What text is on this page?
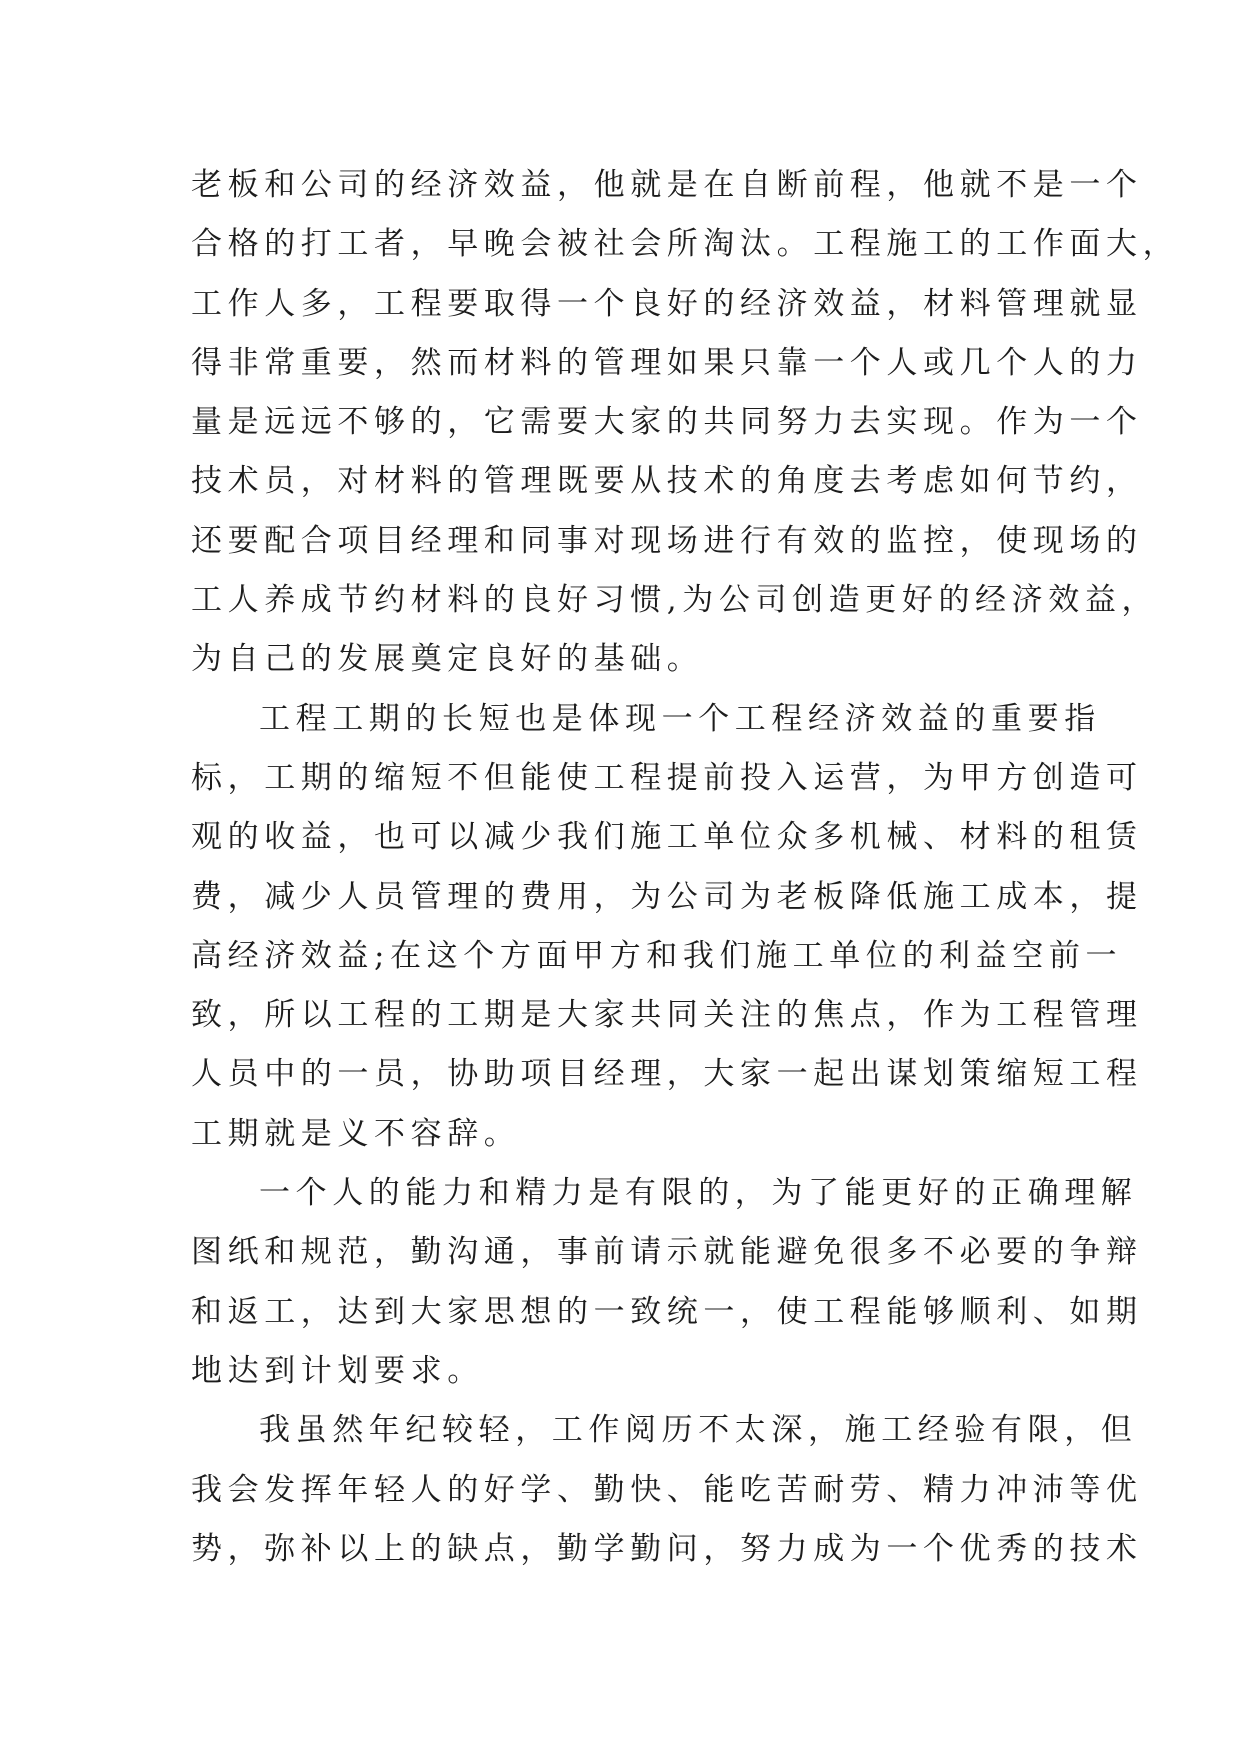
老板和公司的经济效益，他就是在自断前程，他就不是一个
合格的打工者，早晚会被社会所淘汰。工程施工的工作面大，
工作人多，工程要取得一个良好的经济效益，材料管理就显
得非常重要，然而材料的管理如果只靠一个人或几个人的力
量是远远不够的，它需要大家的共同努力去实现。作为一个
技术员，对材料的管理既要从技术的角度去考虑如何节约，
还要配合项目经理和同事对现场进行有效的监控，使现场的
工人养成节约材料的良好习惯,为公司创造更好的经济效益，
为自己的发展奠定良好的基础。
工程工期的长短也是体现一个工程经济效益的重要指
标，工期的缩短不但能使工程提前投入运营，为甲方创造可
观的收益，也可以减少我们施工单位众多机械、材料的租赁
费，减少人员管理的费用，为公司为老板降低施工成本，提
高经济效益;在这个方面甲方和我们施工单位的利益空前一
致，所以工程的工期是大家共同关注的焦点，作为工程管理
人员中的一员，协助项目经理，大家一起出谋划策缩短工程
工期就是义不容辞。
一个人的能力和精力是有限的，为了能更好的正确理解
图纸和规范，勤沟通，事前请示就能避免很多不必要的争辩
和返工，达到大家思想的一致统一，使工程能够顺利、如期
地达到计划要求。
我虽然年纪较轻，工作阅历不太深，施工经验有限，但
我会发挥年轻人的好学、勤快、能吃苦耐劳、精力冲沛等优
势，弥补以上的缺点，勤学勤问，努力成为一个优秀的技术
